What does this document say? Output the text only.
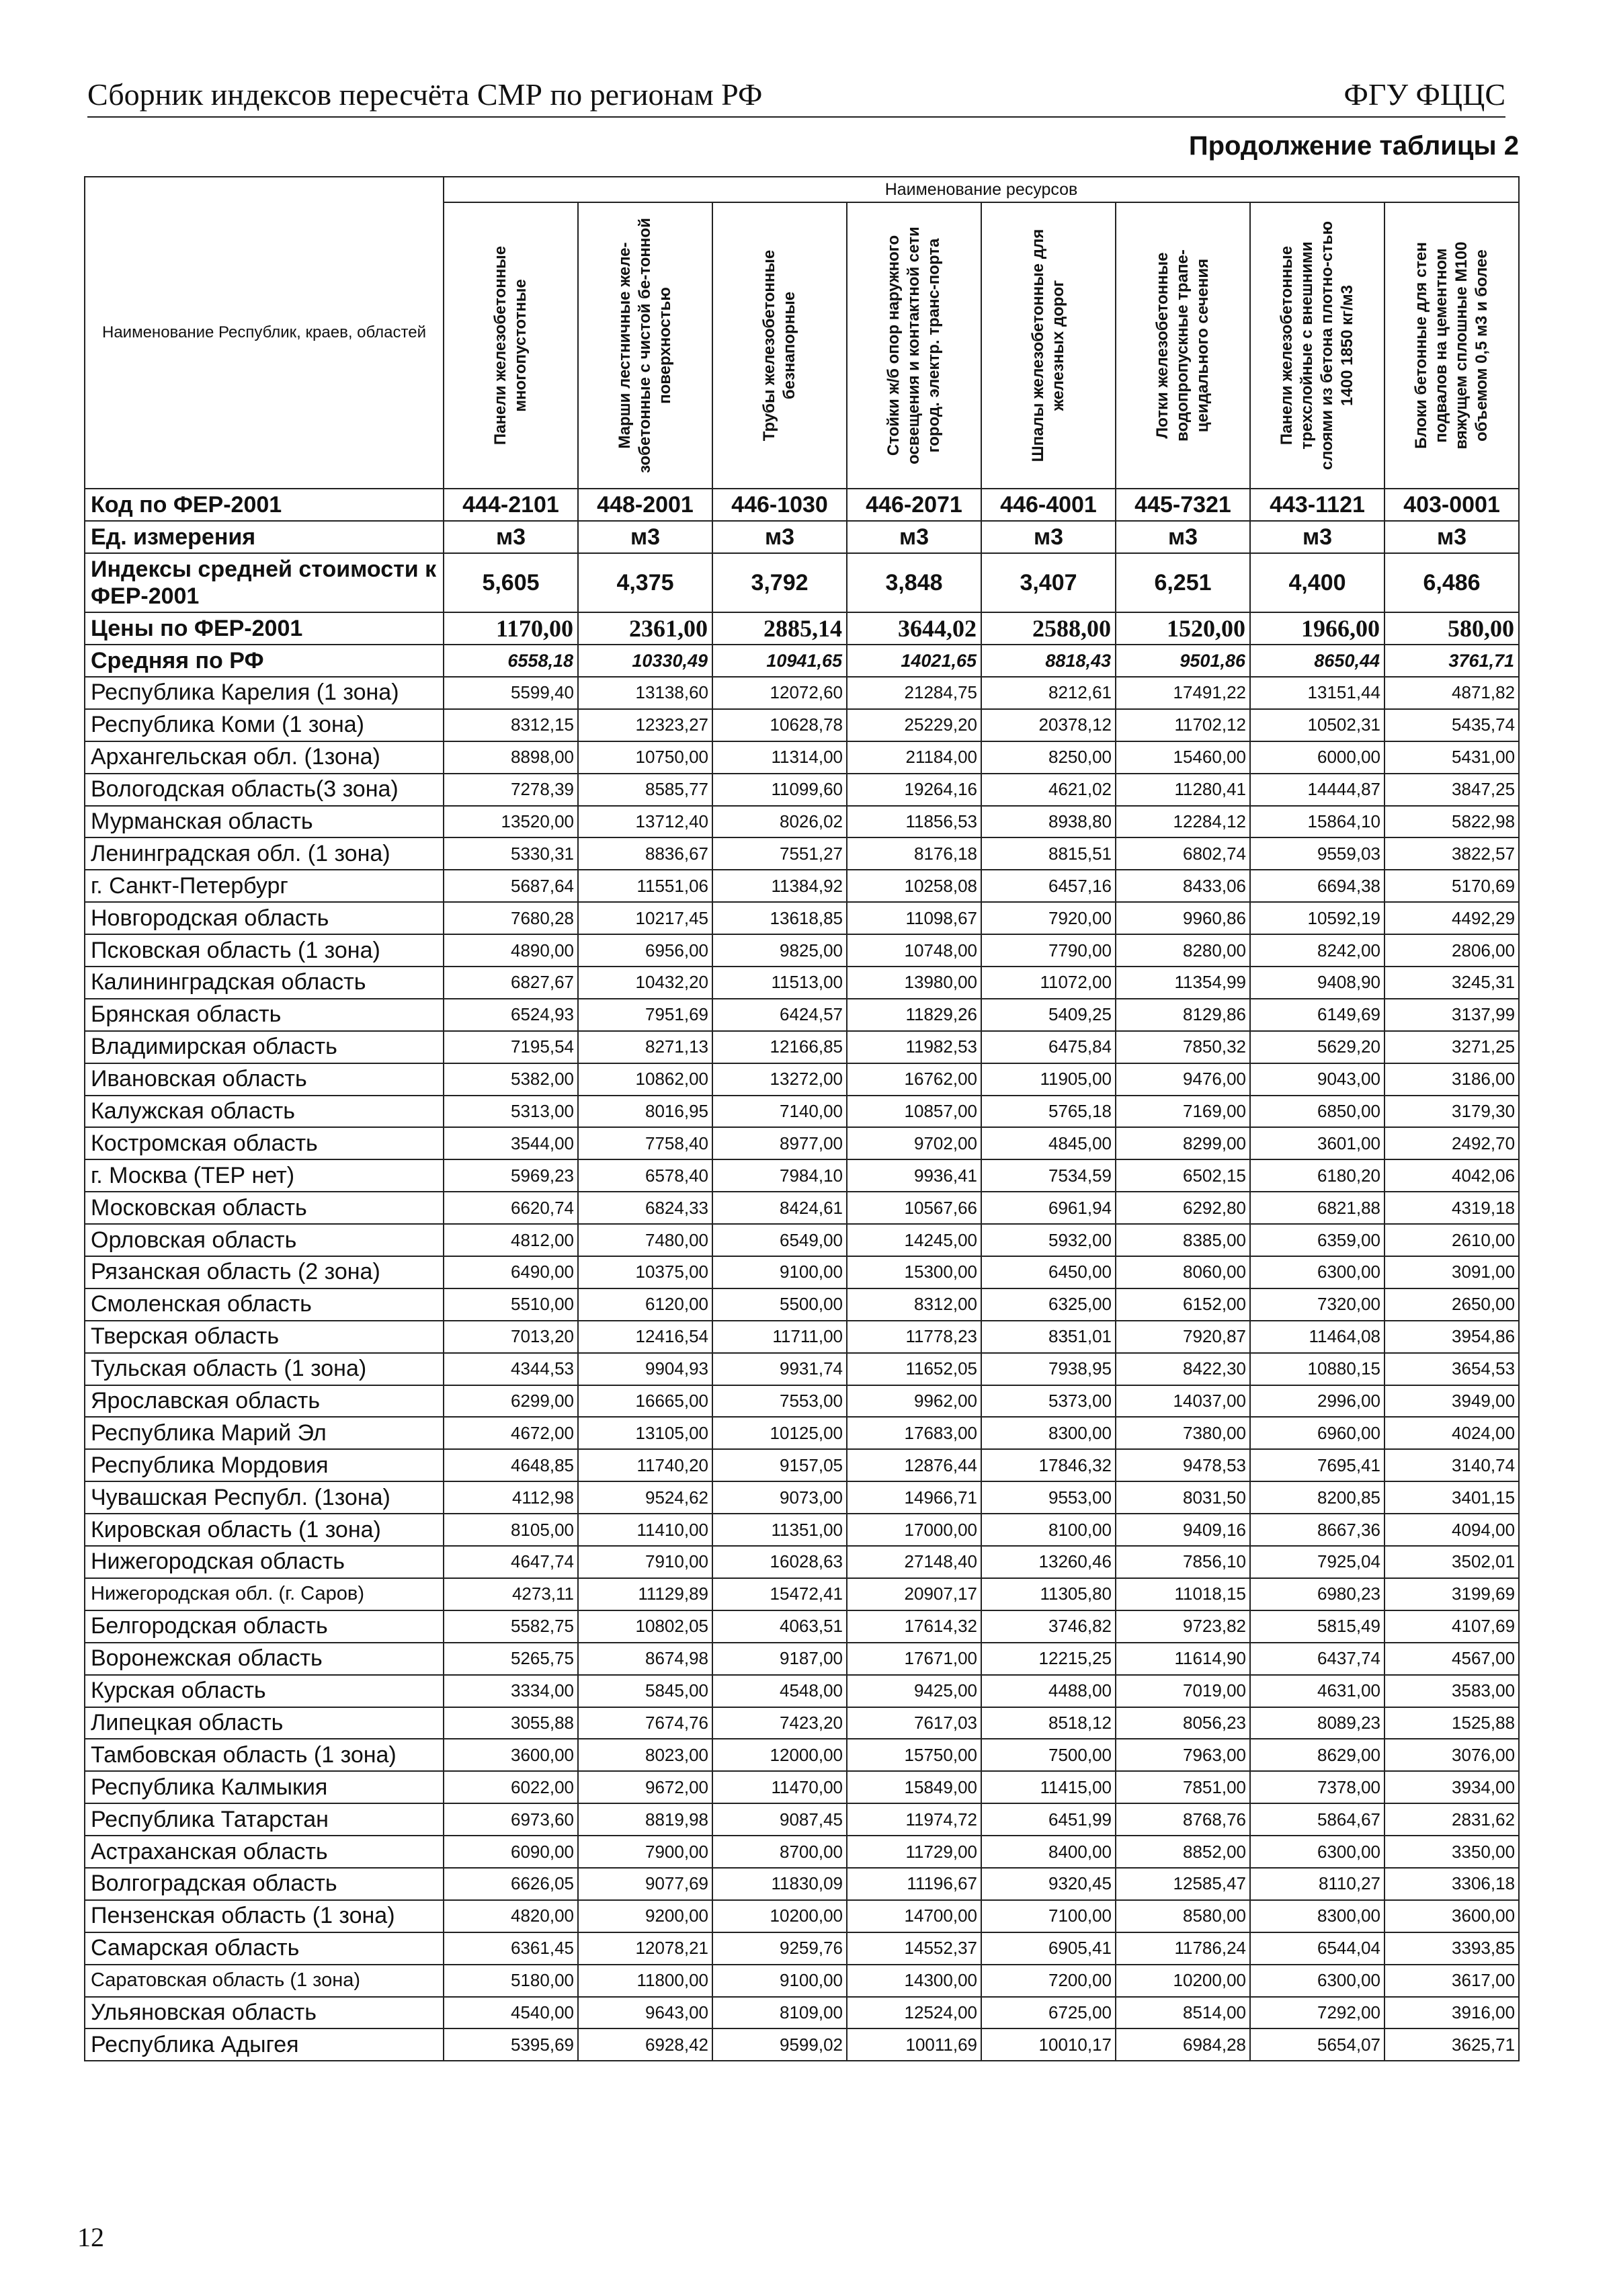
Сборник индексов пересчёта СМР по регионам РФ	ФГУ ФЦЦС
Продолжение таблицы 2
Наименование Республик, краев, областей	Наименование ресурсов							

	Панели железобетонные многопустотные	Марши лестничные желе-зобетонные с чистой бе-тонной поверхностью	Трубы железобетонные безнапорные	Стойки ж/б опор наружного освещения и контактной сети город. электр. транс-порта	Шпалы железобетонные для железных дорог	Лотки железобетонные водопропускные трапе-цеидального сечения	Панели железобетонные трехслойные с внешними слоями из бетона плотно-стью 1400 1850 кг/м3	Блоки бетонные для стен подвалов на цементном вяжущем сплошные М100 объемом 0,5 м3 и более

Код по ФЕР-2001	444-2101	448-2001	446-1030	446-2071	446-4001	445-7321	443-1121	403-0001
Ед. измерения	м3	м3	м3	м3	м3	м3	м3	м3
Индексы средней стоимости к ФЕР-2001	5,605	4,375	3,792	3,848	3,407	6,251	4,400	6,486
Цены по ФЕР-2001	1170,00	2361,00	2885,14	3644,02	2588,00	1520,00	1966,00	580,00
Средняя по РФ	6558,18	10330,49	10941,65	14021,65	8818,43	9501,86	8650,44	3761,71
Республика Карелия (1 зона)	5599,40	13138,60	12072,60	21284,75	8212,61	17491,22	13151,44	4871,82
Республика Коми (1 зона)	8312,15	12323,27	10628,78	25229,20	20378,12	11702,12	10502,31	5435,74
Архангельская обл. (1зона)	8898,00	10750,00	11314,00	21184,00	8250,00	15460,00	6000,00	5431,00
Вологодская область(3 зона)	7278,39	8585,77	11099,60	19264,16	4621,02	11280,41	14444,87	3847,25
Мурманская область	13520,00	13712,40	8026,02	11856,53	8938,80	12284,12	15864,10	5822,98
Ленинградская обл. (1 зона)	5330,31	8836,67	7551,27	8176,18	8815,51	6802,74	9559,03	3822,57
г. Санкт-Петербург	5687,64	11551,06	11384,92	10258,08	6457,16	8433,06	6694,38	5170,69
Новгородская область	7680,28	10217,45	13618,85	11098,67	7920,00	9960,86	10592,19	4492,29
Псковская область (1 зона)	4890,00	6956,00	9825,00	10748,00	7790,00	8280,00	8242,00	2806,00
Калининградская область	6827,67	10432,20	11513,00	13980,00	11072,00	11354,99	9408,90	3245,31
Брянская область	6524,93	7951,69	6424,57	11829,26	5409,25	8129,86	6149,69	3137,99
Владимирская область	7195,54	8271,13	12166,85	11982,53	6475,84	7850,32	5629,20	3271,25
Ивановская область	5382,00	10862,00	13272,00	16762,00	11905,00	9476,00	9043,00	3186,00
Калужская область	5313,00	8016,95	7140,00	10857,00	5765,18	7169,00	6850,00	3179,30
Костромская область	3544,00	7758,40	8977,00	9702,00	4845,00	8299,00	3601,00	2492,70
г. Москва (ТЕР нет)	5969,23	6578,40	7984,10	9936,41	7534,59	6502,15	6180,20	4042,06
Московская область	6620,74	6824,33	8424,61	10567,66	6961,94	6292,80	6821,88	4319,18
Орловская область	4812,00	7480,00	6549,00	14245,00	5932,00	8385,00	6359,00	2610,00
Рязанская область (2 зона)	6490,00	10375,00	9100,00	15300,00	6450,00	8060,00	6300,00	3091,00
Смоленская область	5510,00	6120,00	5500,00	8312,00	6325,00	6152,00	7320,00	2650,00
Тверская область	7013,20	12416,54	11711,00	11778,23	8351,01	7920,87	11464,08	3954,86
Тульская область (1 зона)	4344,53	9904,93	9931,74	11652,05	7938,95	8422,30	10880,15	3654,53
Ярославская область	6299,00	16665,00	7553,00	9962,00	5373,00	14037,00	2996,00	3949,00
Республика Марий Эл	4672,00	13105,00	10125,00	17683,00	8300,00	7380,00	6960,00	4024,00
Республика Мордовия	4648,85	11740,20	9157,05	12876,44	17846,32	9478,53	7695,41	3140,74
Чувашская Республ. (1зона)	4112,98	9524,62	9073,00	14966,71	9553,00	8031,50	8200,85	3401,15
Кировская область (1 зона)	8105,00	11410,00	11351,00	17000,00	8100,00	9409,16	8667,36	4094,00
Нижегородская область	4647,74	7910,00	16028,63	27148,40	13260,46	7856,10	7925,04	3502,01
Нижегородская обл. (г. Саров)	4273,11	11129,89	15472,41	20907,17	11305,80	11018,15	6980,23	3199,69
Белгородская область	5582,75	10802,05	4063,51	17614,32	3746,82	9723,82	5815,49	4107,69
Воронежская область	5265,75	8674,98	9187,00	17671,00	12215,25	11614,90	6437,74	4567,00
Курская область	3334,00	5845,00	4548,00	9425,00	4488,00	7019,00	4631,00	3583,00
Липецкая область	3055,88	7674,76	7423,20	7617,03	8518,12	8056,23	8089,23	1525,88
Тамбовская область (1 зона)	3600,00	8023,00	12000,00	15750,00	7500,00	7963,00	8629,00	3076,00
Республика Калмыкия	6022,00	9672,00	11470,00	15849,00	11415,00	7851,00	7378,00	3934,00
Республика Татарстан	6973,60	8819,98	9087,45	11974,72	6451,99	8768,76	5864,67	2831,62
Астраханская область	6090,00	7900,00	8700,00	11729,00	8400,00	8852,00	6300,00	3350,00
Волгоградская область	6626,05	9077,69	11830,09	11196,67	9320,45	12585,47	8110,27	3306,18
Пензенская область (1 зона)	4820,00	9200,00	10200,00	14700,00	7100,00	8580,00	8300,00	3600,00
Самарская область	6361,45	12078,21	9259,76	14552,37	6905,41	11786,24	6544,04	3393,85
Саратовская область (1 зона)	5180,00	11800,00	9100,00	14300,00	7200,00	10200,00	6300,00	3617,00
Ульяновская область	4540,00	9643,00	8109,00	12524,00	6725,00	8514,00	7292,00	3916,00
Республика Адыгея	5395,69	6928,42	9599,02	10011,69	10010,17	6984,28	5654,07	3625,71
12
